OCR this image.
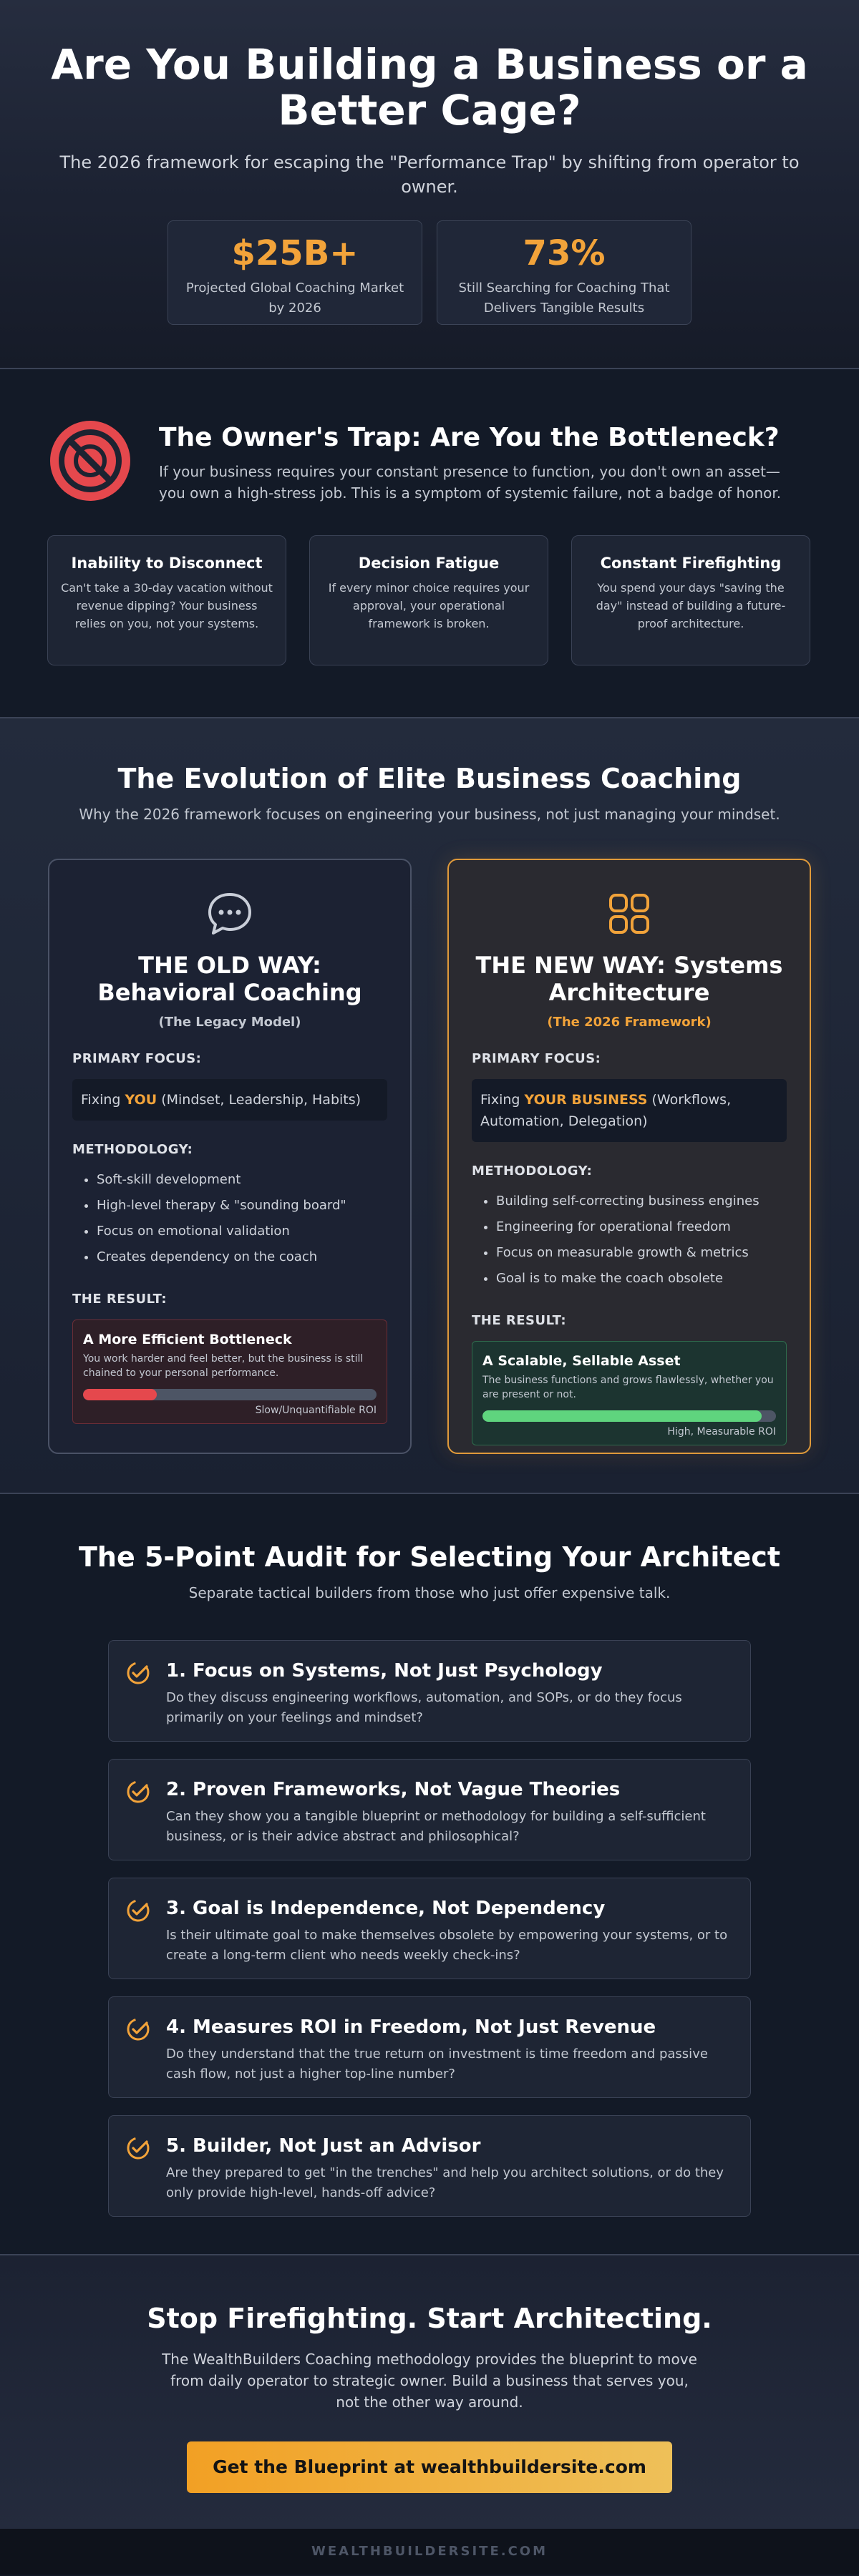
Are You Building a Business or a Better Cage?

The 2026 framework for escaping the "Performance Trap" by shifting from operator to owner.

$25B+
Projected Global Coaching Market by 2026
73%
Still Searching for Coaching That Delivers Tangible Results
The Owner's Trap: Are You the Bottleneck?

If your business requires your constant presence to function, you don't own an asset—you own a high-stress job. This is a symptom of systemic failure, not a badge of honor.

Inability to Disconnect

Can't take a 30-day vacation without revenue dipping? Your business relies on you, not your systems.

Decision Fatigue

If every minor choice requires your approval, your operational framework is broken.

Constant Firefighting

You spend your days "saving the day" instead of building a future-proof architecture.

The Evolution of Elite Business Coaching

Why the 2026 framework focuses on engineering your business, not just managing your mindset.

THE OLD WAY: Behavioral Coaching
(The Legacy Model)
PRIMARY FOCUS:
Fixing YOU (Mindset, Leadership, Habits)
METHODOLOGY:
• Soft-skill development
• High-level therapy & "sounding board"
• Focus on emotional validation
• Creates dependency on the coach
THE RESULT:
A More Efficient Bottleneck

You work harder and feel better, but the business is still chained to your personal performance.

Slow/Unquantifiable ROI
THE NEW WAY: Systems Architecture
(The 2026 Framework)
PRIMARY FOCUS:
Fixing YOUR BUSINESS (Workflows, Automation, Delegation)
METHODOLOGY:
• Building self-correcting business engines
• Engineering for operational freedom
• Focus on measurable growth & metrics
• Goal is to make the coach obsolete
THE RESULT:
A Scalable, Sellable Asset

The business functions and grows flawlessly, whether you are present or not.

High, Measurable ROI
The 5-Point Audit for Selecting Your Architect

Separate tactical builders from those who just offer expensive talk.

1. Focus on Systems, Not Just Psychology

Do they discuss engineering workflows, automation, and SOPs, or do they focus primarily on your feelings and mindset?

2. Proven Frameworks, Not Vague Theories

Can they show you a tangible blueprint or methodology for building a self-sufficient business, or is their advice abstract and philosophical?

3. Goal is Independence, Not Dependency

Is their ultimate goal to make themselves obsolete by empowering your systems, or to create a long-term client who needs weekly check-ins?

4. Measures ROI in Freedom, Not Just Revenue

Do they understand that the true return on investment is time freedom and passive cash flow, not just a higher top-line number?

5. Builder, Not Just an Advisor

Are they prepared to get "in the trenches" and help you architect solutions, or do they only provide high-level, hands-off advice?

Stop Firefighting. Start Architecting.

The WealthBuilders Coaching methodology provides the blueprint to move from daily operator to strategic owner. Build a business that serves you, not the other way around.

Get the Blueprint at wealthbuildersite.com
WEALTHBUILDERSITE.COM
